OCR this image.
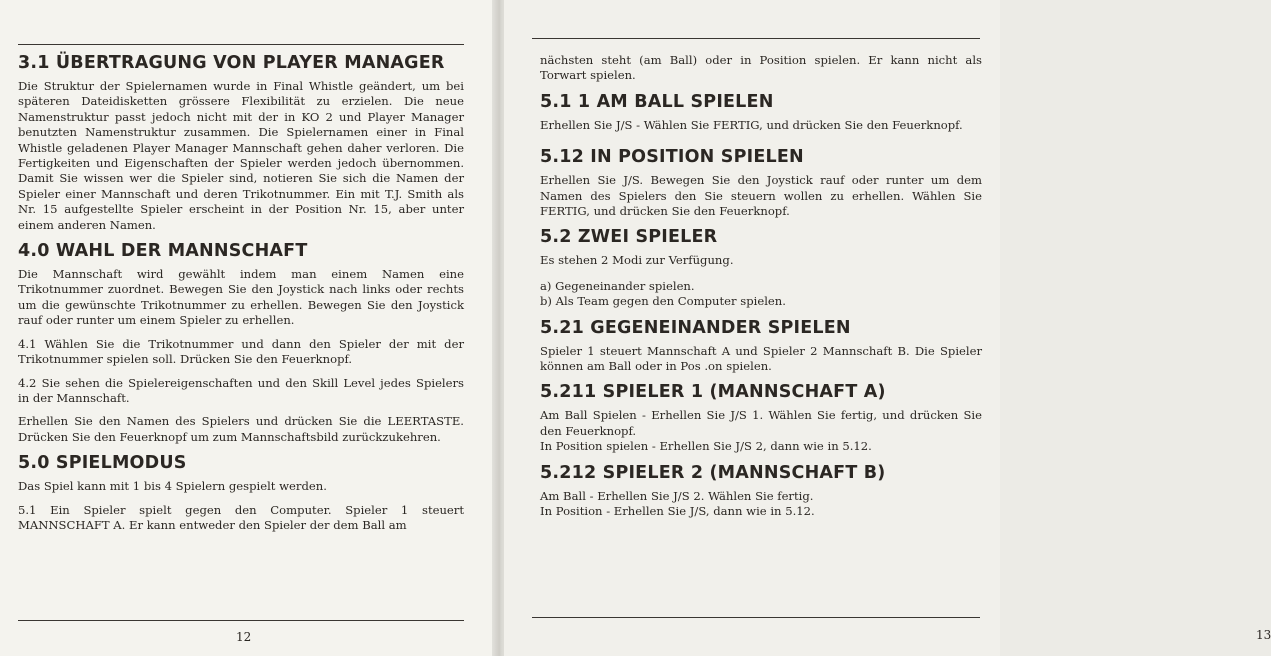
3.1 ÜBERTRAGUNG VON PLAYER MANAGER

Die Struktur der Spielernamen wurde in Final Whistle geändert, um bei späteren Dateidisketten grössere Flexibilität zu erzielen. Die neue Namenstruktur passt jedoch nicht mit der in KO 2 und Player Manager benutzten Namenstruktur zusammen. Die Spielernamen einer in Final Whistle geladenen Player Manager Mannschaft gehen daher verloren. Die Fertigkeiten und Eigenschaften der Spieler werden jedoch übernommen. Damit Sie wissen wer die Spieler sind, notieren Sie sich die Namen der Spieler einer Mannschaft und deren Trikotnummer. Ein mit T.J. Smith als Nr. 15 aufgestellte Spieler erscheint in der Position Nr. 15, aber unter einem anderen Namen.

4.0 WAHL DER MANNSCHAFT

Die Mannschaft wird gewählt indem man einem Namen eine Trikotnummer zuordnet. Bewegen Sie den Joystick nach links oder rechts um die gewünschte Trikotnummer zu erhellen. Bewegen Sie den Joystick rauf oder runter um einem Spieler zu erhellen.

4.1 Wählen Sie die Trikotnummer und dann den Spieler der mit der Trikotnummer spielen soll. Drücken Sie den Feuerknopf.

4.2 Sie sehen die Spielereigenschaften und den Skill Level jedes Spielers in der Mannschaft.

Erhellen Sie den Namen des Spielers und drücken Sie die LEERTASTE. Drücken Sie den Feuerknopf um zum Mannschaftsbild zurückzukehren.

5.0 SPIELMODUS

Das Spiel kann mit 1 bis 4 Spielern gespielt werden.

5.1 Ein Spieler spielt gegen den Computer. Spieler 1 steuert MANNSCHAFT A. Er kann entweder den Spieler der dem Ball am

12

nächsten steht (am Ball) oder in Position spielen. Er kann nicht als Torwart spielen.

5.1 1 AM BALL SPIELEN

Erhellen Sie J/S - Wählen Sie FERTIG, und drücken Sie den Feuerknopf.

5.12 IN POSITION SPIELEN

Erhellen Sie J/S. Bewegen Sie den Joystick rauf oder runter um dem Namen des Spielers den Sie steuern wollen zu erhellen. Wählen Sie FERTIG, und drücken Sie den Feuerknopf.

5.2 ZWEI SPIELER

Es stehen 2 Modi zur Verfügung.

a) Gegeneinander spielen.

b) Als Team gegen den Computer spielen.

5.21 GEGENEINANDER SPIELEN

Spieler 1 steuert Mannschaft A und Spieler 2 Mannschaft B. Die Spieler können am Ball oder in Pos .on spielen.

5.211 SPIELER 1 (MANNSCHAFT A)

Am Ball Spielen - Erhellen Sie J/S 1. Wählen Sie fertig, und drücken Sie den Feuerknopf.

In Position spielen - Erhellen Sie J/S 2, dann wie in 5.12.

5.212 SPIELER 2 (MANNSCHAFT B)

Am Ball - Erhellen Sie J/S 2. Wählen Sie fertig.

In Position - Erhellen Sie J/S, dann wie in 5.12.

13
